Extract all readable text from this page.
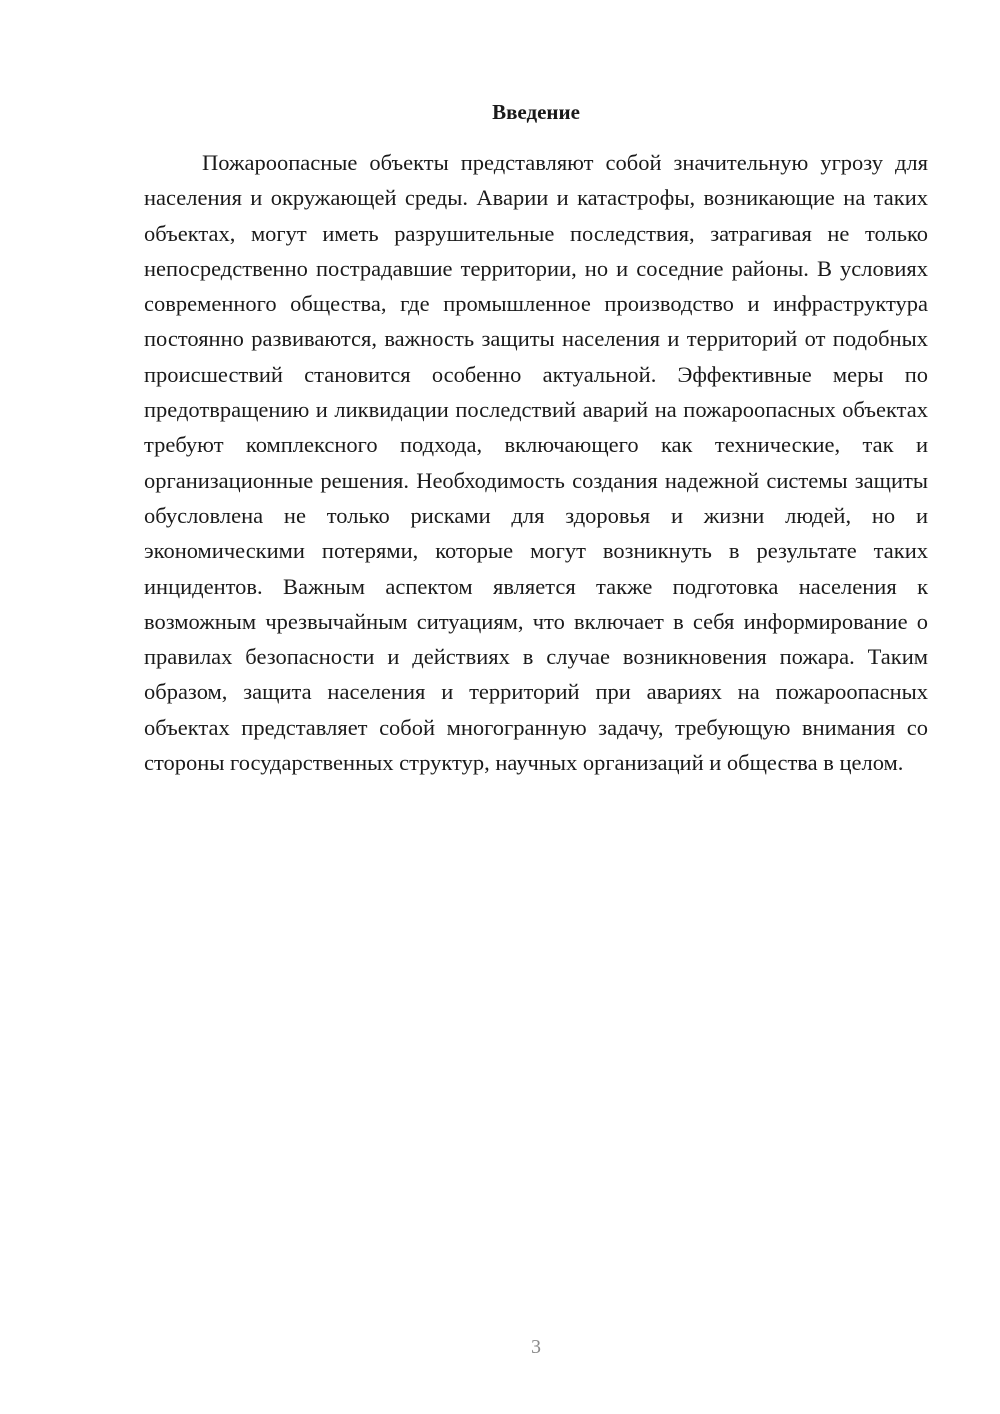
Введение

Пожароопасные объекты представляют собой значительную угрозу для населения и окружающей среды. Аварии и катастрофы, возникающие на таких объектах, могут иметь разрушительные последствия, затрагивая не только непосредственно пострадавшие территории, но и соседние районы. В условиях современного общества, где промышленное производство и инфраструктура постоянно развиваются, важность защиты населения и территорий от подобных происшествий становится особенно актуальной. Эффективные меры по предотвращению и ликвидации последствий аварий на пожароопасных объектах требуют комплексного подхода, включающего как технические, так и организационные решения. Необходимость создания надежной системы защиты обусловлена не только рисками для здоровья и жизни людей, но и экономическими потерями, которые могут возникнуть в результате таких инцидентов. Важным аспектом является также подготовка населения к возможным чрезвычайным ситуациям, что включает в себя информирование о правилах безопасности и действиях в случае возникновения пожара. Таким образом, защита населения и территорий при авариях на пожароопасных объектах представляет собой многогранную задачу, требующую внимания со стороны государственных структур, научных организаций и общества в целом.

3
